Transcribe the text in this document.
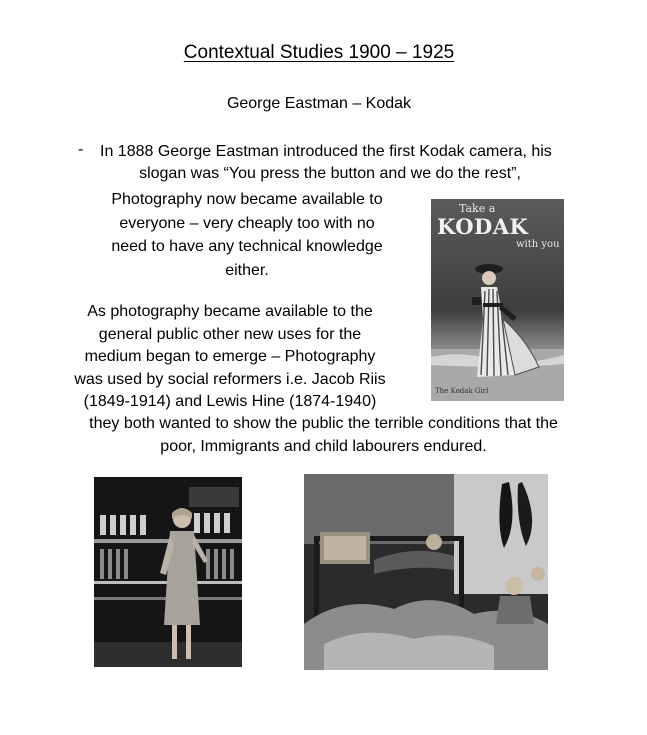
Contextual Studies 1900 – 1925
George Eastman – Kodak
- In 1888 George Eastman introduced the first Kodak camera, his
slogan was “You press the button and we do the rest”,
Photography now became available to
everyone – very cheaply too with no
need to have any technical knowledge
either.
As photography became available to the
general public other new uses for the
medium began to emerge – Photography
was used by social reformers i.e. Jacob Riis
(1849-1914) and Lewis Hine (1874-1940)
they both wanted to show the public the terrible conditions that the
poor, Immigrants and child labourers endured.
Take a
KODAK
with you
The Kodak Girl
